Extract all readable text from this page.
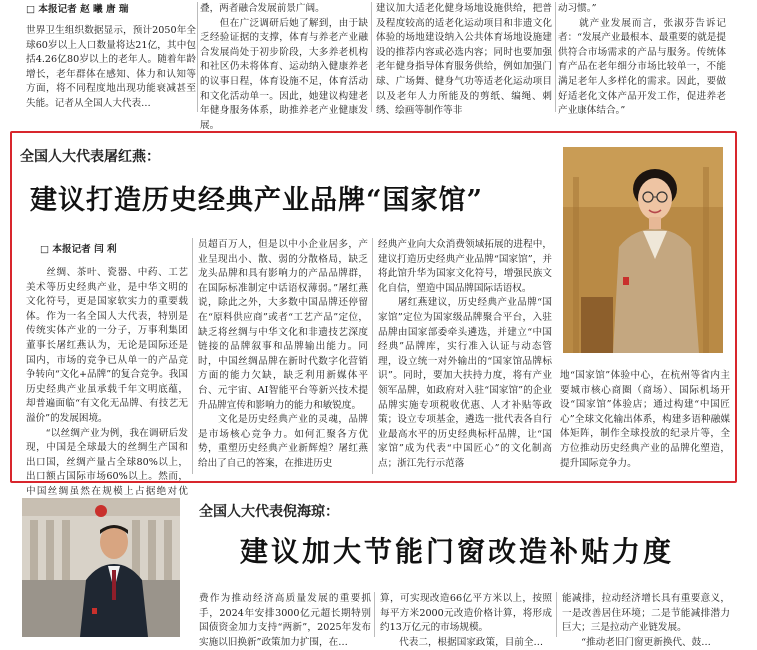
□ 本报记者 赵 曦 唐 瑞
世界卫生组织数据显示，预计2050年全球60岁以上人口数量将达21亿，其中包括4.26亿80岁以上的老年人。随着年龄增长，老年群体在感知、体力和认知等方面，将不同程度地出现功能衰减甚至失能。记者从全国人大代表…
叠，两者融合发展前景广阔。
　　但在广泛调研后她了解到，由于缺乏经验证据的支撑，体育与养老产业融合发展尚处于初步阶段，大多养老机构和社区仍未将体育、运动纳入健康养老的议事日程，体育设施不足，体育活动和文化活动单一。因此，她建议构建老年健身服务体系，助推养老产业健康发展。
建议加大适老化健身场地设施供给，把普及程度较高的适老化运动项目和非遗文化体验的场地建设纳入公共体育场地设施建设的推荐内容或必选内容；同时也要加强老年健身指导体育服务供给，例如加强门球、广场舞、健身气功等适老化运动项目以及老年人力所能及的剪纸、编绳、刺绣、绘画等制作等非
动习惯。”
　　就产业发展而言，张淑芬告诉记者：“发展产业最根本、最重要的就是提供符合市场需求的产品与服务。传统体育产品在老年细分市场比较单一，不能满足老年人多样化的需求。因此，要做好适老化文体产品开发工作，促进养老产业康体结合。”
全国人大代表屠红燕：
建议打造历史经典产业品牌“国家馆”
□ 本报记者 闫 利
　　丝绸、茶叶、瓷器、中药、工艺美术等历史经典产业，是中华文明的文化符号，更是国家软实力的重要载体。作为一名全国人大代表，特别是传统实体产业的一分子，万事利集团董事长屠红燕认为，无论是国际还是国内，市场的竞争已从单一的产品竞争转向“文化+品牌”的复合竞争。我国历史经典产业虽承载千年文明底蕴，却普遍面临“有文化无品牌、有技艺无溢价”的发展困境。
　　“以丝绸产业为例，我在调研后发现，中国是全球最大的丝绸生产国和出口国，丝绸产量占全球80%以上，出口额占国际市场60%以上。然而，中国丝绸虽然在规模上占据绝对优
员超百万人，但是以中小企业居多，产业呈现出小、散、弱的分散格局，缺乏龙头品牌和具有影响力的产品品牌群，在国际标准制定中话语权薄弱。”屠红燕说，除此之外，大多数中国品牌还停留在“原料供应商”或者“工艺产品”定位，缺乏将丝绸与中华文化和非遗技艺深度链接的品牌叙事和品牌输出能力。同时，中国丝绸品牌在新时代数字化营销方面的能力欠缺，缺乏利用新媒体平台、元宇宙、AI智能平台等新兴技术提升品牌宣传和影响力的能力和敏锐度。
　　文化是历史经典产业的灵魂，品牌是市场核心竞争力。如何汇聚各方优势，重塑历史经典产业新辉煌？屠红燕给出了自己的答案，在推进历史
经典产业向大众消费领域拓展的进程中，建议打造历史经典产业品牌“国家馆”，并将此馆升华为国家文化符号，增强民族文化自信，塑造中国品牌国际话语权。
　　屠红燕建议，历史经典产业品牌“国家馆”定位为国家级品牌聚合平台，入驻品牌由国家部委牵头遴选，并建立“中国经典”品牌库，实行准入认证与动态管理，设立统一对外输出的“国家馆品牌标识”。同时，要加大扶持力度，将有产业领军品牌，如政府对入驻“国家馆”的企业品牌实施专项税收优惠、人才补贴等政策；设立专项基金，遴选一批代表各自行业最高水平的历史经典标杆品牌，让“国家馆”成为代表“中国匠心”的文化制高点；浙江先行示范落
地“国家馆”体验中心，在杭州等省内主要城市核心商圈（商场）、国际机场开设“国家馆”体验店；通过构建“中国匠心”全球文化输出体系，构建多语种融媒体矩阵，制作全球投放的纪录片等，全方位推动历史经典产业的品牌化塑造，提升国际竞争力。
全国人大代表倪海琼：
建议加大节能门窗改造补贴力度
费作为推动经济高质量发展的重要抓手，2024年安排3000亿元超长期特别国债资金加力支持“两新”，2025年发布实施以旧换新”政策加力扩围，在…
算，可实现改造66亿平方米以上，按照每平方米2000元改造价格计算，将形成约13万亿元的市场规模。
　　代表二，根据国家政策，目前全…
能减排，拉动经济增长具有重要意义，一是改善居住环境；二是节能减排潜力巨大；三是拉动产业链发展。
　　“推动老旧门窗更新换代、鼓…
